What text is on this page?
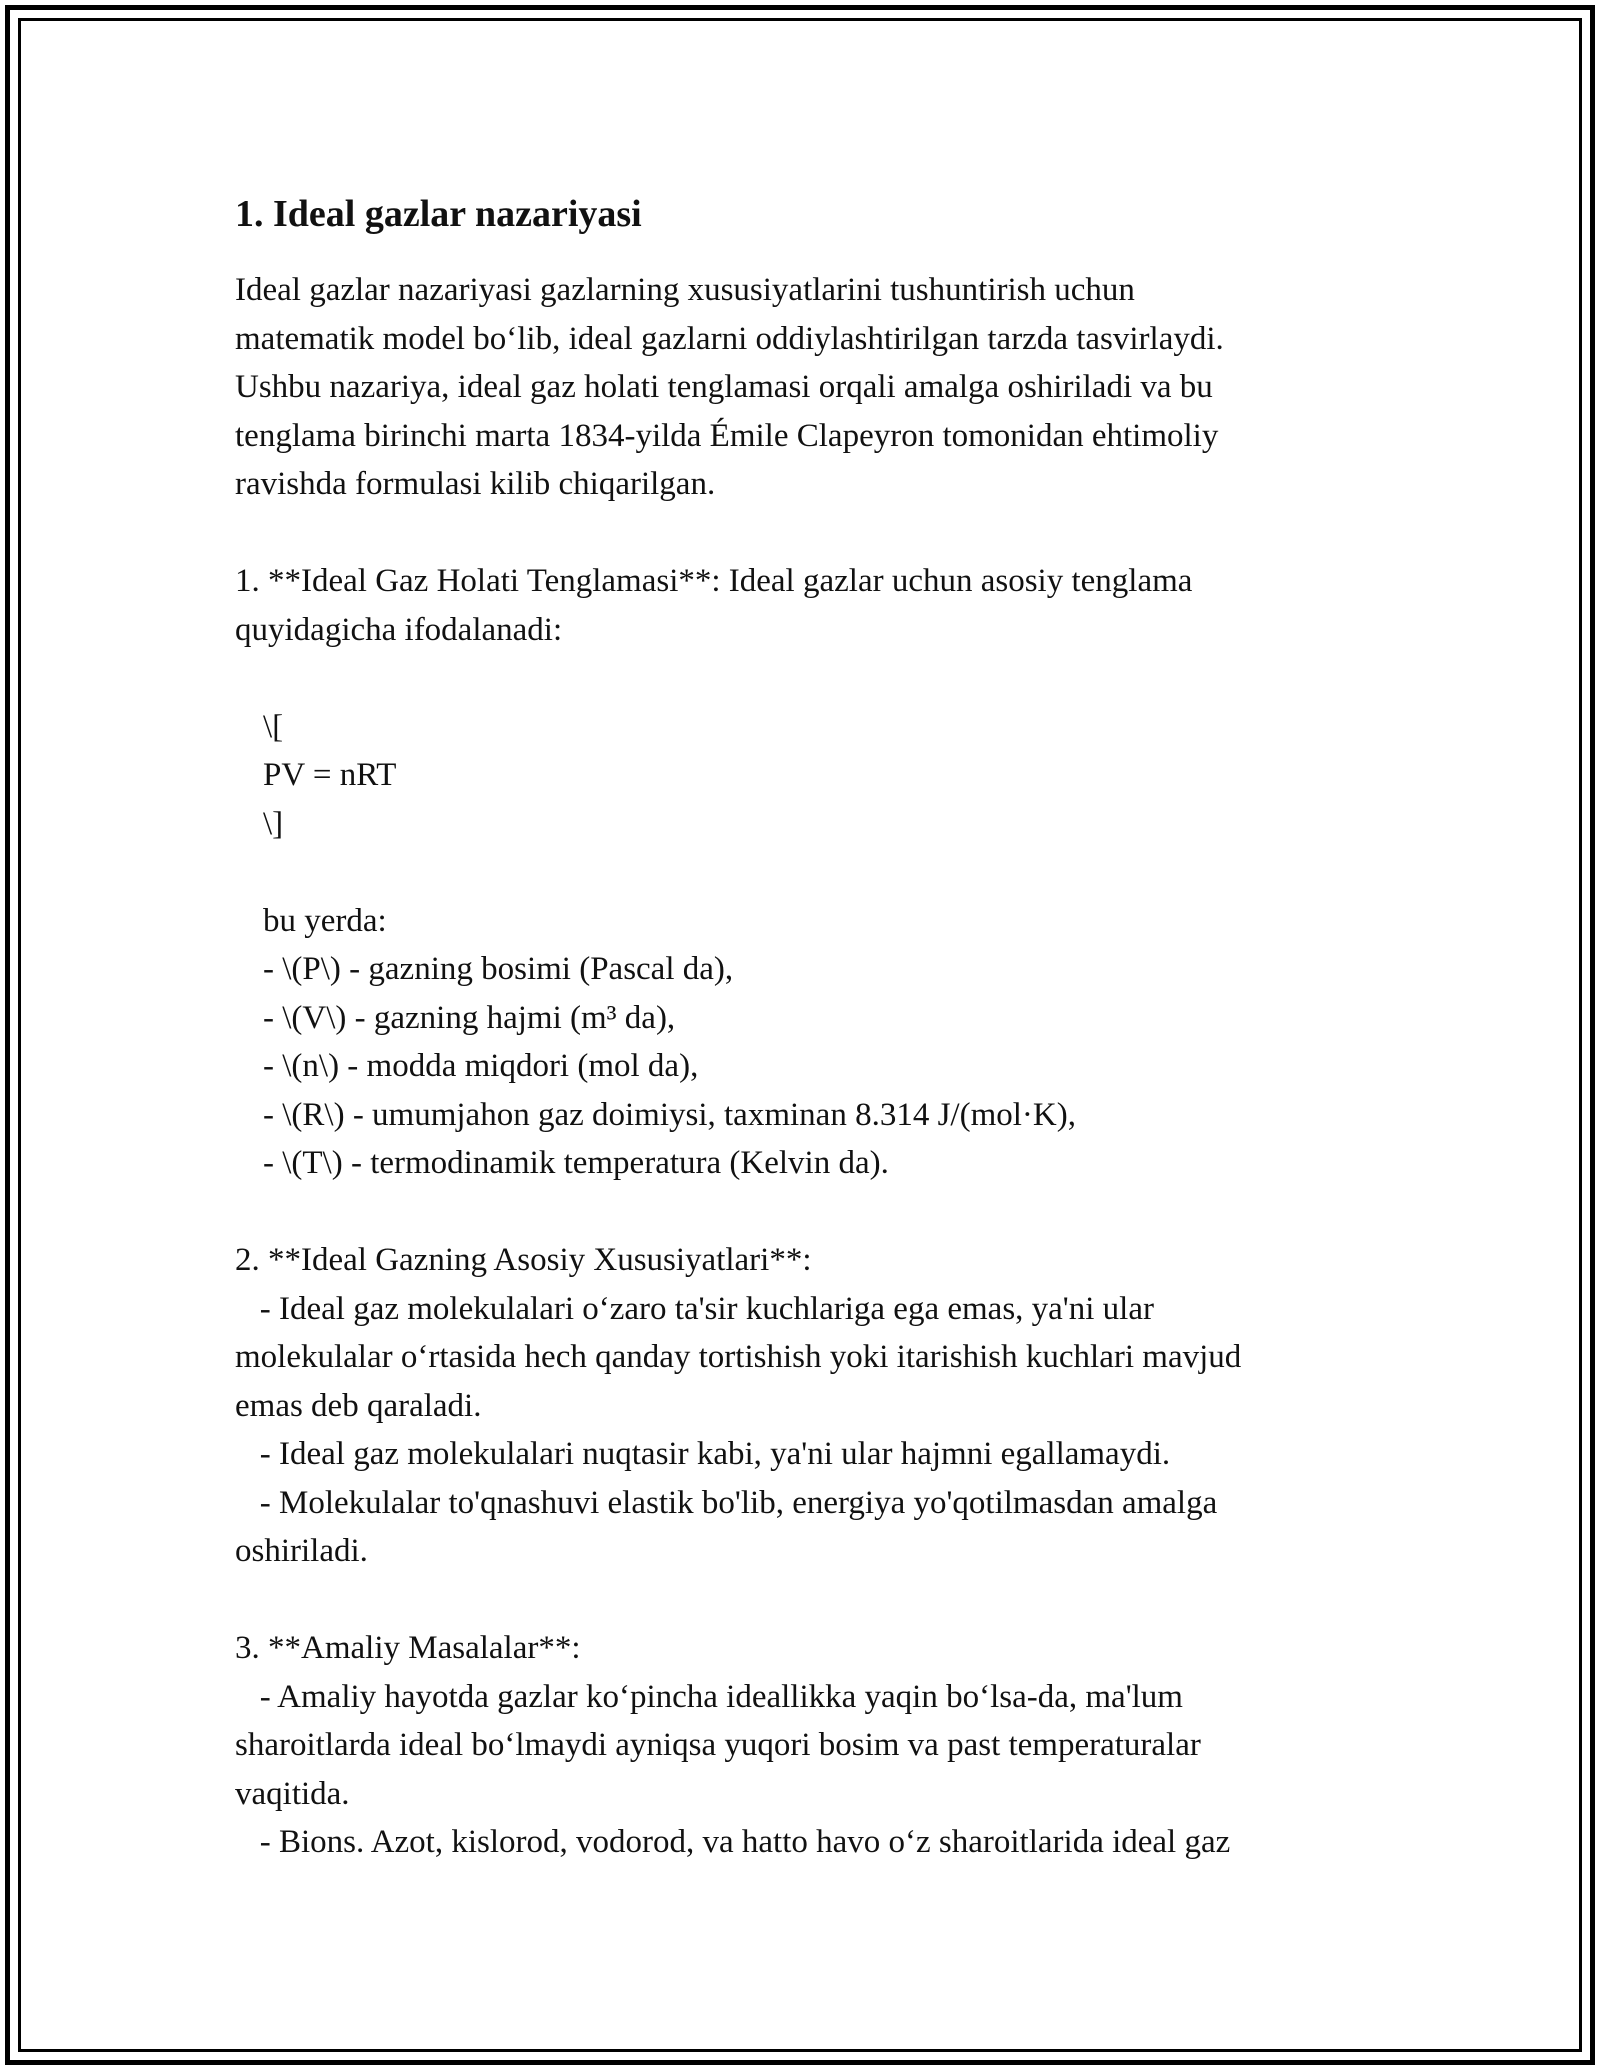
1. Ideal gazlar nazariyasi
Ideal gazlar nazariyasi gazlarning xususiyatlarini tushuntirish uchun
matematik model bo‘lib, ideal gazlarni oddiylashtirilgan tarzda tasvirlaydi.
Ushbu nazariya, ideal gaz holati tenglamasi orqali amalga oshiriladi va bu
tenglama birinchi marta 1834-yilda Émile Clapeyron tomonidan ehtimoliy
ravishda formulasi kilib chiqarilgan.
1. **Ideal Gaz Holati Tenglamasi**: Ideal gazlar uchun asosiy tenglama
quyidagicha ifodalanadi:
\[
PV = nRT
\]
bu yerda:
- \(P\) - gazning bosimi (Pascal da),
- \(V\) - gazning hajmi (m³ da),
- \(n\) - modda miqdori (mol da),
- \(R\) - umumjahon gaz doimiysi, taxminan 8.314 J/(mol·K),
- \(T\) - termodinamik temperatura (Kelvin da).
2. **Ideal Gazning Asosiy Xususiyatlari**:
- Ideal gaz molekulalari o‘zaro ta'sir kuchlariga ega emas, ya'ni ular
molekulalar o‘rtasida hech qanday tortishish yoki itarishish kuchlari mavjud
emas deb qaraladi.
- Ideal gaz molekulalari nuqtasir kabi, ya'ni ular hajmni egallamaydi.
- Molekulalar to'qnashuvi elastik bo'lib, energiya yo'qotilmasdan amalga
oshiriladi.
3. **Amaliy Masalalar**:
- Amaliy hayotda gazlar ko‘pincha ideallikka yaqin bo‘lsa-da, ma'lum
sharoitlarda ideal bo‘lmaydi ayniqsa yuqori bosim va past temperaturalar
vaqitida.
- Bions. Azot, kislorod, vodorod, va hatto havo o‘z sharoitlarida ideal gaz
